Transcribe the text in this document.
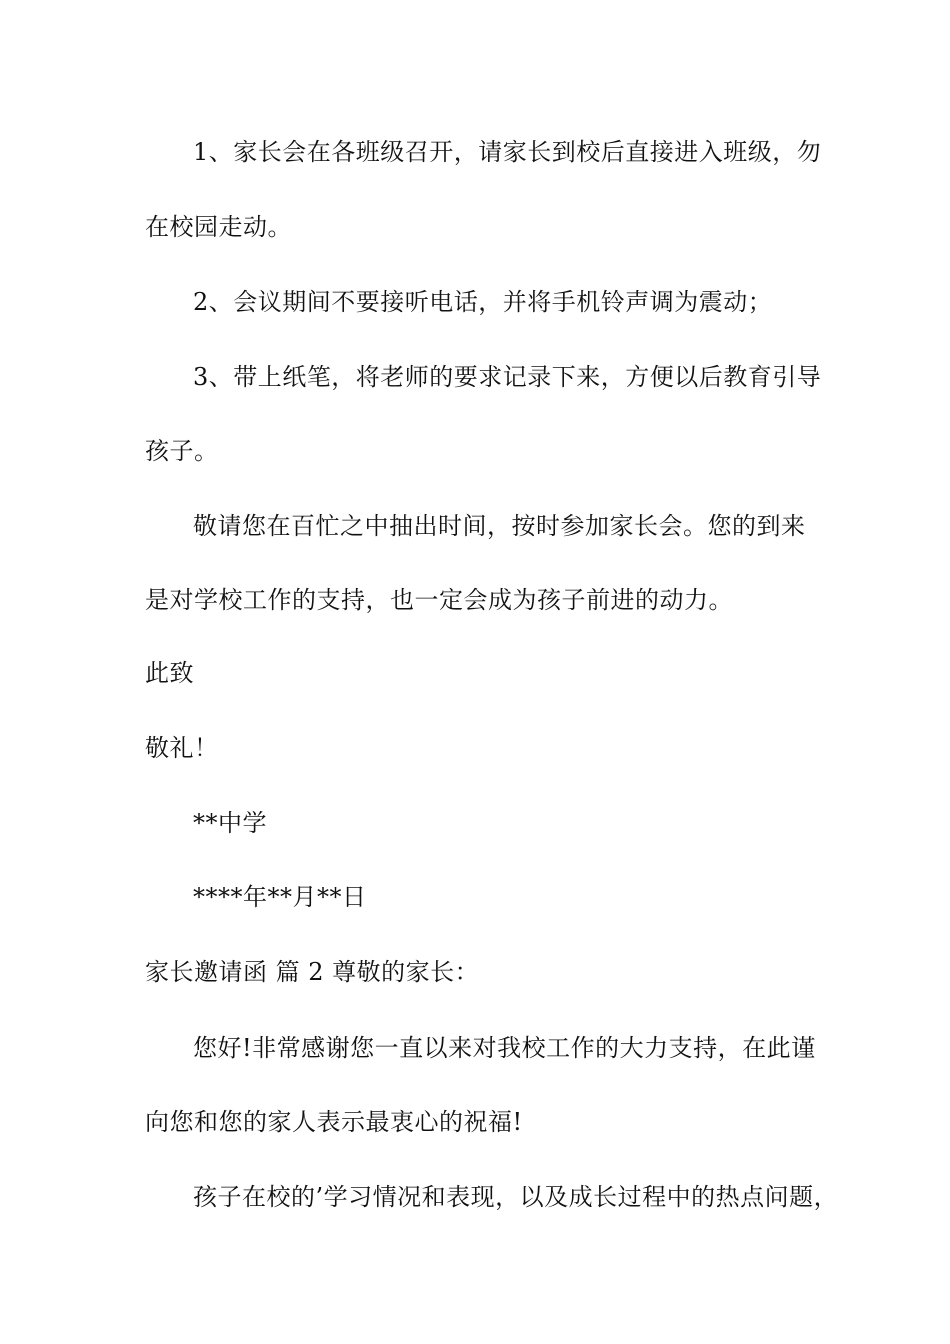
1、家长会在各班级召开，请家长到校后直接进入班级，勿
在校园走动。
2、会议期间不要接听电话，并将手机铃声调为震动；
3、带上纸笔，将老师的要求记录下来，方便以后教育引导
孩子。
敬请您在百忙之中抽出时间，按时参加家长会。您的到来
是对学校工作的支持，也一定会成为孩子前进的动力。
此致
敬礼！
**中学
****年**月**日
家长邀请函 篇 2 尊敬的家长：
您好!非常感谢您一直以来对我校工作的大力支持，在此谨
向您和您的家人表示最衷心的祝福!
孩子在校的’学习情况和表现，以及成长过程中的热点问题，
